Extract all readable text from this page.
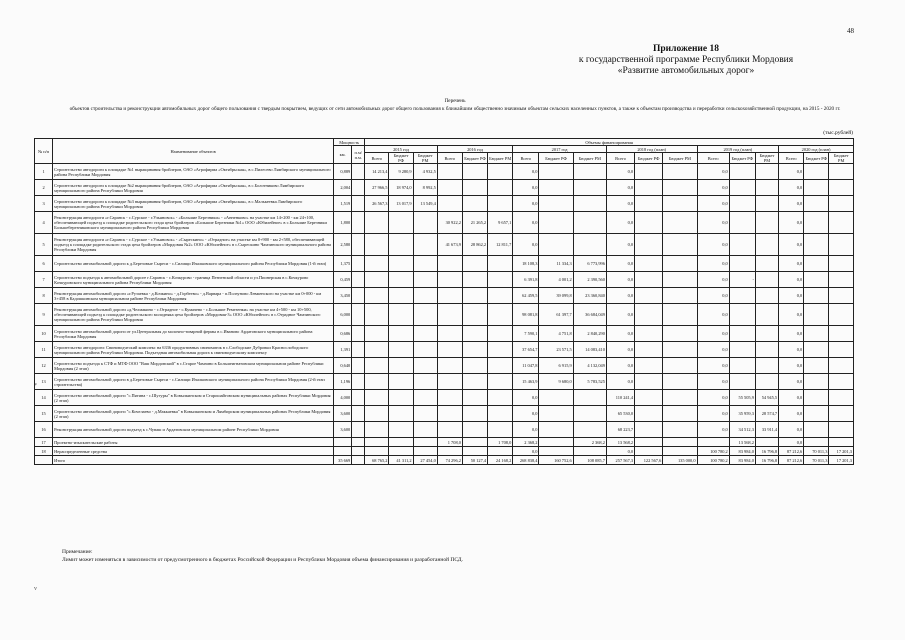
48
Приложение 18
к государственной программе Республики Мордовия
«Развитие автомобильных дорог»
Перечень
объектов строительства и реконструкции автомобильных дорог общего пользования с твердым покрытием, ведущих от сети автомобильных дорог общего пользования к ближайшим общественно значимым объектам сельских населенных пунктов, а также к объектам производства и переработки сельскохозяйственной продукции, на 2015 - 2020 гг.
(тыс.рублей)
*
v
№ п/п	Наименование объектов	Мощность		Объемы финансирования																	
		км.	п.м/ п.м.	2015 год			2016 год			2017 год			2018 год (план)			2019 год (план)			2020 год (план)		
				Всего	Бюджет РФ	Бюджет РМ	Всего	Бюджет РФ	Бюджет РМ	Всего	Бюджет РФ	Бюджет РМ	Всего	Бюджет РФ	Бюджет РМ	Всего	Бюджет РФ	Бюджет РМ	Всего	Бюджет РФ	Бюджет РМ
1	Строительство автодороги к площадке №1 выращивания бройлеров, ОАО «Агрофирма «Октябрьская», в с.Пилесево Лямбирского муниципального района Республики Мордовия	0,889		14 213,4	9 280,9	4 932,5				0,0			0,0			0,0			0,0		
2	Строительство автодороги к площадке №2 выращивания бройлеров, ОАО «Агрофирма «Октябрьская», в с.Болотниково Лямбирского муниципального района Республики Мордовия	2,004		27 966,5	18 974,0	8 992,5				0,0			0,0			0,0			0,0		
3	Строительство автодороги к площадке №3 выращивания бройлеров, ОАО «Агрофирма «Октябрьская», в с.Малькеевка Лямбирского муниципального района Республики Мордовия	1,519		26 567,3	13 017,9	13 549,4				0,0			0,0			0,0			0,0		
4	Реконструкция автодороги «г.Саранск - с.Сурское - г.Ульяновск» - «Большие Березники» - «Анненково» на участке км 14+200 - км 24+100, обеспечивающей подъезд к площадке родительского стада цеха бройлеров «Большие Березники №1» ООО «Юбилейное» в с.Большие Березники Большеберезниковского муниципального района Республики Мордовия	1,800					30 922,2	21 265,2	9 657,1	0,0			0,0			0,0			0,0		
5	Реконструкция автодороги «г.Саранск - с.Сурское - г.Ульяновск» - «Сырескино» - «Отрадное» на участке км 0+900 - км 2+580, обеспечивающей подъезд к площадке родительского стада цеха бройлеров «Мордовия №2» ООО «Юбилейное» в с.Сырескино Чамзинского муниципального района Республики Мордовия	2,580					41 673,9	28 862,2	12 811,7	0,0			0,0			0,0			0,0		
6	Строительство автомобильной дороги к д.Березовые Сыреси - с.Силищи Ичалковского муниципального района Республики Мордовия (1-й этап)	1,375								18 108,3	11 334,3	6 773,996	0,0			0,0			0,0		
7	Строительство подъезда к автомобильной дороге г.Саранск - с.Кочкурово - граница Пензенской области и ул.Пионерская в с.Кочкурово Кочкуровского муниципального района Республики Мордовия	0,459								6 391,8	4 001,2	2 390,560	0,0			0,0	-		0,0		
8	Реконструкция автомобильной дороги «г.Рузаевка - д.Кочкино» - д.Горбеево» - д.Варвара - п.Ползуново Левженского на участке км 0+000 - км 3+458 в Кадошкинском муниципальном районе Республики Мордовия	3,450								62 459,5	39 099,8	23 360,840	0,0			0,0			0,0		
9	Реконструкция автомобильной дороги «д.Челмакино - с.Отрадное - с.Кумачево - с.Большие Ремезенки» на участке км 4+500 - км 10+500, обеспечивающей подъезд к площадке родительского молодняка цеха бройлеров «Мордовия-3» ООО «Юбилейное» в с.Отрадное Чамзинского муниципального района Республики Мордовия	6,000								98 081,8	61 397,7	36 684,049	0,0			0,0			0,0		
10	Строительство автомобильной дороги от ул.Центральная до молочно-товарной фермы в с.Иваново Ардатовского муниципального района Республики Мордовия	0,686								7 590,1	4 751,8	2 840,290	0,0			0,0			0,0		
11	Строительство автодороги: Свиноводческий комплекс на 6336 продуктивных свиноматок в с.Слободские Дубровки Краснослободского муниципального района Республики Мордовия. Подъездная автомобильная дорога к свиноводческому комплексу	1,391								37 654,7	23 571,5	14 083,410	0,0			0,0			0,0		
12	Строительство подъезда к СТФ и МТФ ООО "Ваш Мордовский" в с.Старое Чамзино в Большеигнатовском муниципальном районе Республики Мордовия (2 этап)	0,640								11 047,8	6 915,9	4 132,049	0,0			0,0			0,0		
13	Строительство автомобильной дороги в д.Березовые Сыреси - с.Силищи Ичалковского муниципального района Республики Мордовия (2-й этап строительства)	1,196								15 463,9	9 680,0	5 783,525	0,0			0,0			0,0		
14	Строительство автомобильной дороги "с.Пятина - с.Шугуры" в Ковылкинском и Старошайговском муниципальных районах Республики Мордовия (2 этап)	4,000								0,0			110 241,4			0,0	55 505,9	54 945,5	0,0		
15	Строительство автомобильной дороги "с.Кочелаево - д.Маккаевка" в Ковылкинском и Лямбирском муниципальных районах Республики Мордовия (2 этап)	3,600								0,0			65 530,0			0,0	35 959,3	28 574,7	0,0		
16	Реконструкция автомобильной дороги подъезд к с.Чуваш и Ардатовском муниципальном районе Республики Мордовия	3,600								0,0			68 223,7			0,0	34 512,3	33 911,4	0,0		
17	Проектно-изыскательские работы						1 708,0		1 708,0	2 368,2		2 368,2	13 568,2				13 568,2		0,0		
18	Нераспределенные средства									0,0			0,0			100 780,2	83 984,0	16 796,8	87 212,6	70 011,3	17 201,3
	Итого	35 669		68 765,2	41 311,2	27 454,0	74 296,2	50 127,4	24 168,2	268 838,4	160 752,6	108 085,7	257 567,3	122 567,6	135 000,0	100 780,2	83 984,0	16 796,8	87 212,6	70 011,3	17 201,3
Примечание:
Лимит может изменяться в зависимости от предусмотренного в бюджетах Российской Федерации и Республики Мордовия объема финансирования и разработанной ПСД.
